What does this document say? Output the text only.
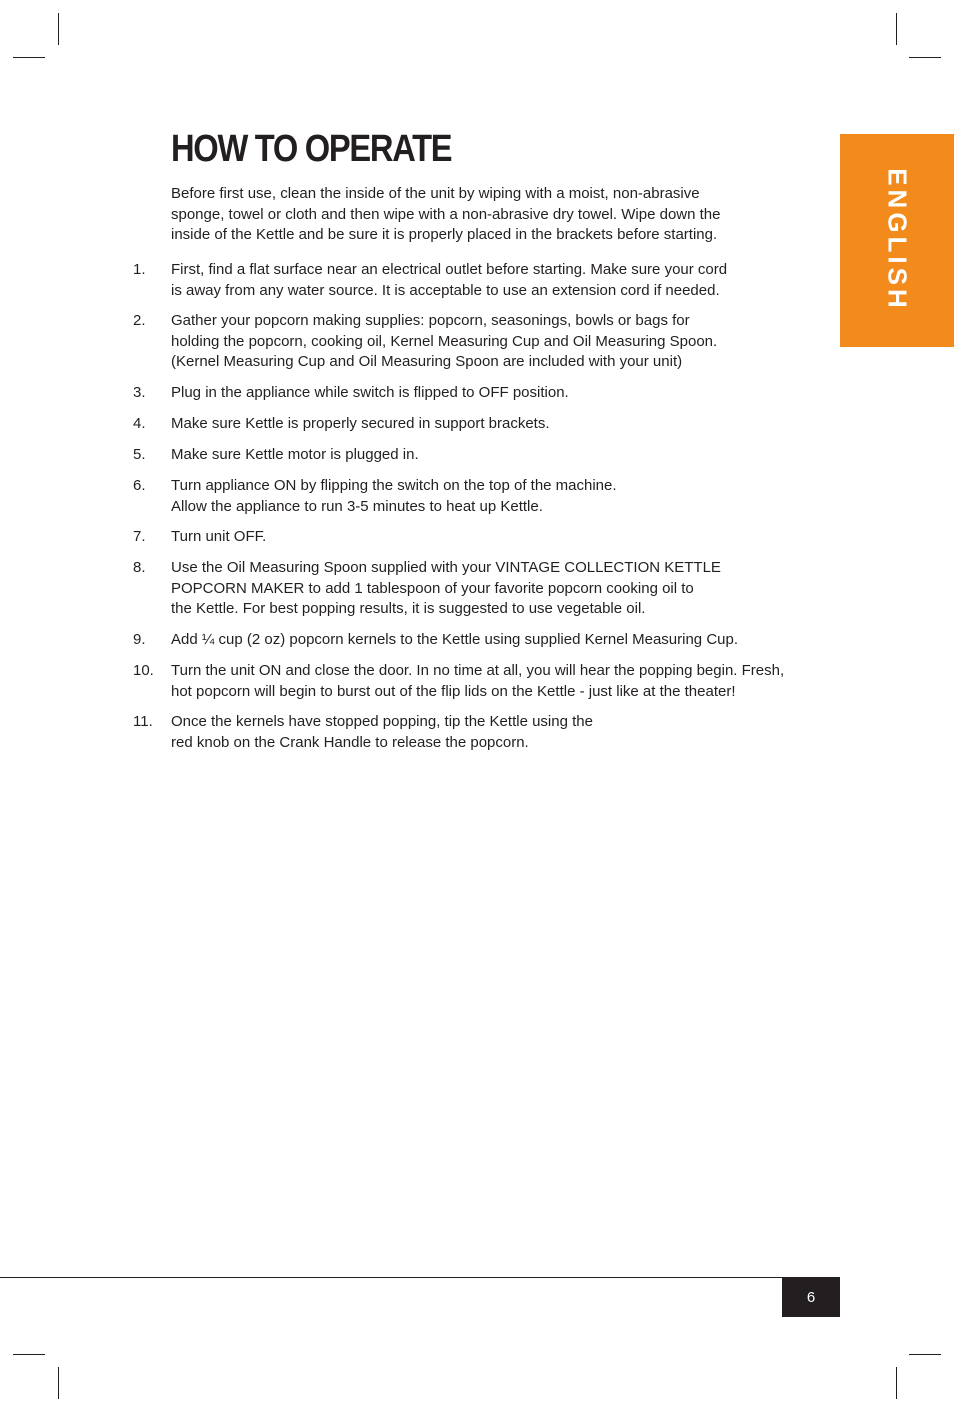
HOW TO OPERATE
Before first use, clean the inside of the unit by wiping with a moist, non-abrasive
sponge, towel or cloth and then wipe with a non-abrasive dry towel. Wipe down the
inside of the Kettle and be sure it is properly placed in the brackets before starting.
1. First, find a flat surface near an electrical outlet before starting. Make sure your cord
is away from any water source. It is acceptable to use an extension cord if needed.
2. Gather your popcorn making supplies: popcorn, seasonings, bowls or bags for
holding the popcorn, cooking oil, Kernel Measuring Cup and Oil Measuring Spoon.
(Kernel Measuring Cup and Oil Measuring Spoon are included with your unit)
3. Plug in the appliance while switch is flipped to OFF position.
4. Make sure Kettle is properly secured in support brackets.
5. Make sure Kettle motor is plugged in.
6. Turn appliance ON by flipping the switch on the top of the machine.
Allow the appliance to run 3-5 minutes to heat up Kettle.
7. Turn unit OFF.
8. Use the Oil Measuring Spoon supplied with your VINTAGE COLLECTION KETTLE
POPCORN MAKER to add 1 tablespoon of your favorite popcorn cooking oil to
the Kettle. For best popping results, it is suggested to use vegetable oil.
9. Add ¼ cup (2 oz) popcorn kernels to the Kettle using supplied Kernel Measuring Cup.
10. Turn the unit ON and close the door. In no time at all, you will hear the popping begin. Fresh,
hot popcorn will begin to burst out of the flip lids on the Kettle - just like at the theater!
11. Once the kernels have stopped popping, tip the Kettle using the
red knob on the Crank Handle to release the popcorn.
ENGLISH
6
